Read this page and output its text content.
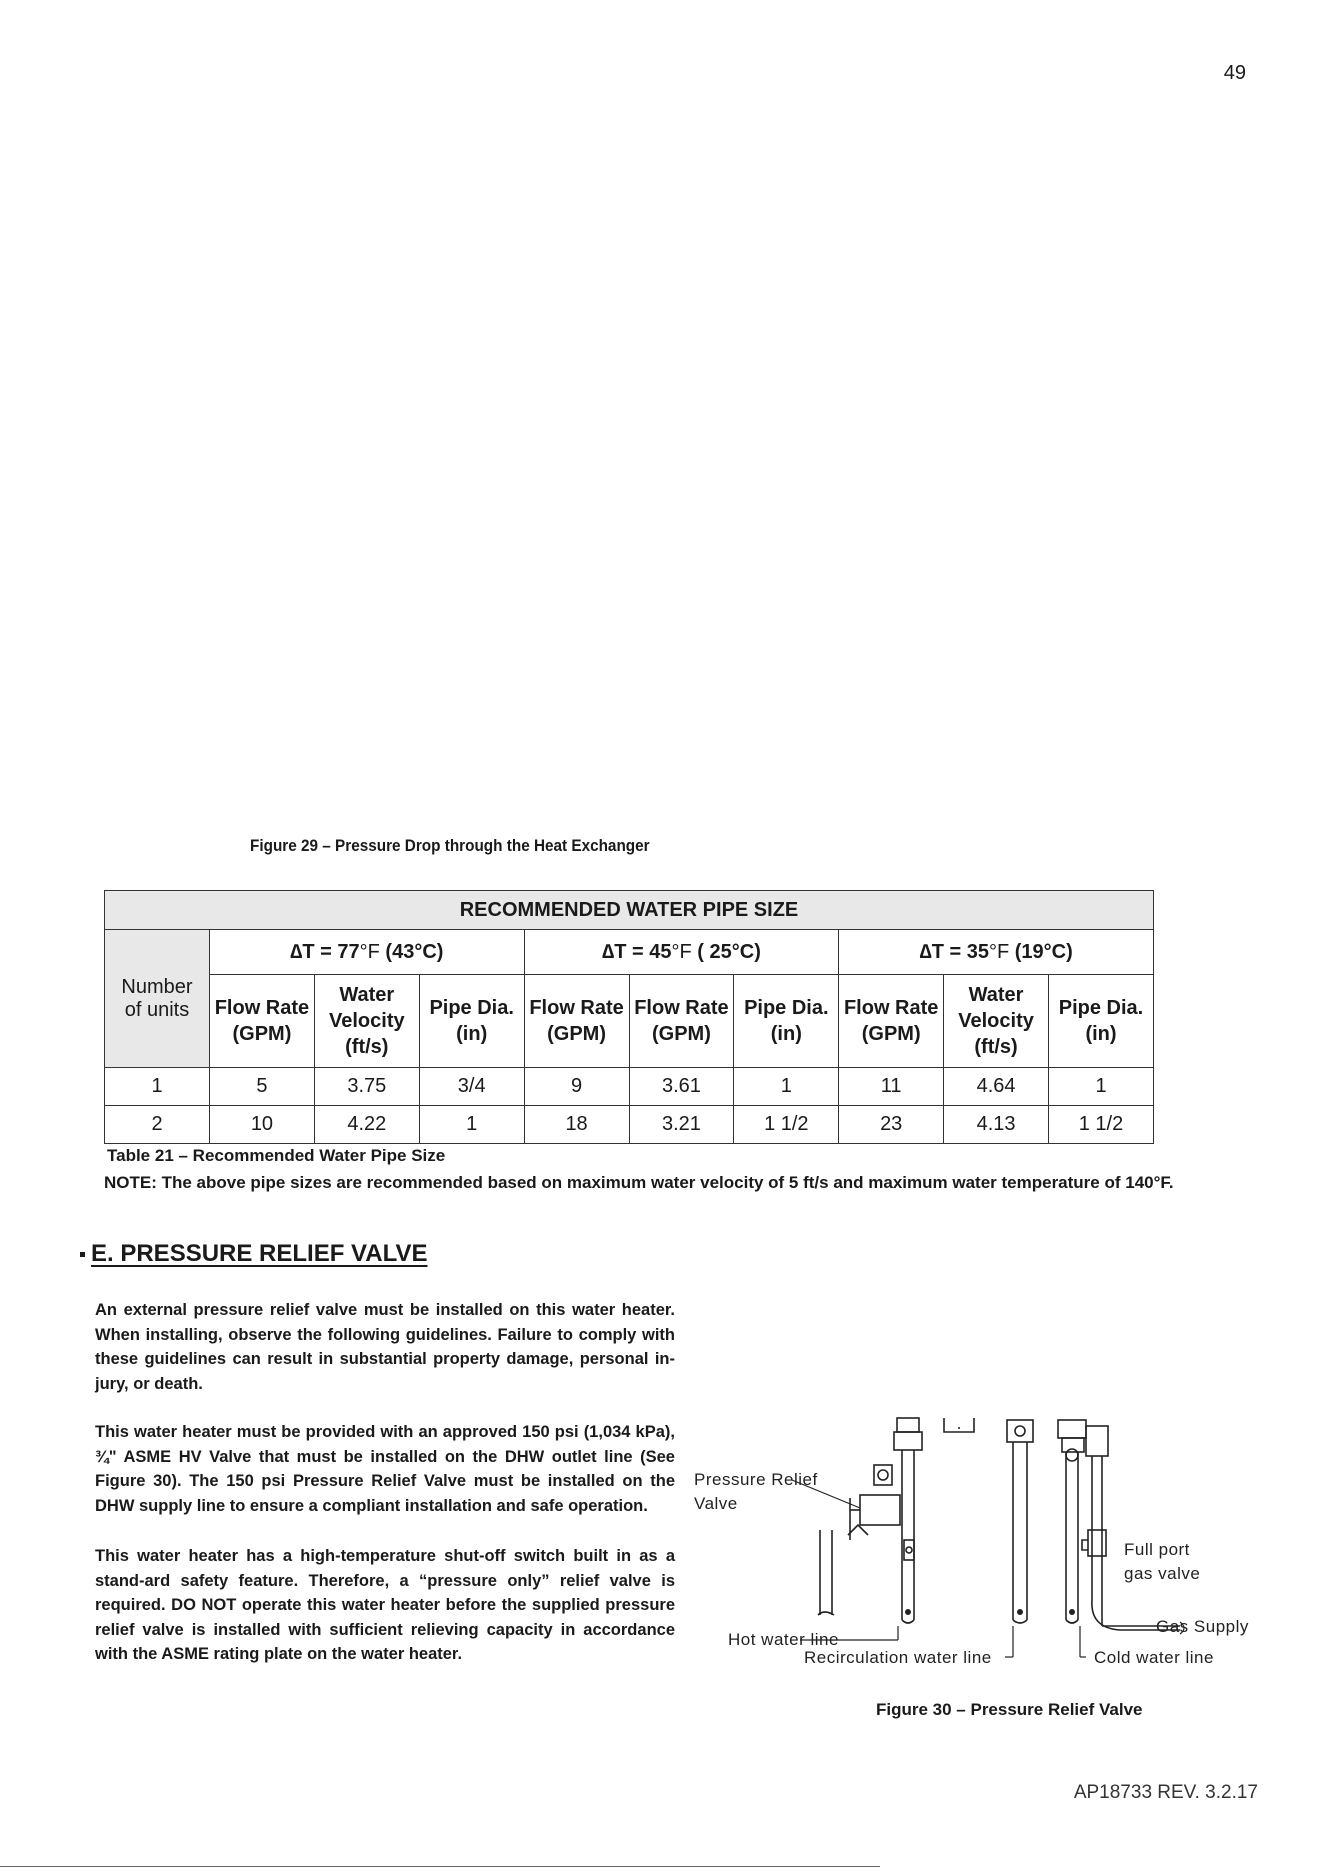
49
Figure 29 – Pressure Drop through the Heat Exchanger
RECOMMENDED WATER PIPE SIZE									
Number of units	∆T = 77°F (43°C)			∆T = 45°F ( 25°C)			∆T = 35°F (19°C)		
	Flow Rate (GPM)	Water Velocity (ft/s)	Pipe Dia. (in)	Flow Rate (GPM)	Flow Rate (GPM)	Pipe Dia. (in)	Flow Rate (GPM)	Water Velocity (ft/s)	Pipe Dia. (in)
1	5	3.75	3/4	9	3.61	1	11	4.64	1
2	10	4.22	1	18	3.21	1 1/2	23	4.13	1 1/2
Table 21 – Recommended Water Pipe Size
NOTE: The above pipe sizes are recommended based on maximum water velocity of 5 ft/s and maximum water temperature of 140°F.
E. PRESSURE RELIEF VALVE
An external pressure relief valve must be installed on this water heater. When installing, observe the following guidelines. Failure to comply with these guidelines can result in substantial property damage, personal in-jury, or death.
This water heater must be provided with an approved 150 psi (1,034 kPa), ¾" ASME HV Valve that must be installed on the DHW outlet line (See Figure 30). The 150 psi Pressure Relief Valve must be installed on the DHW supply line to ensure a compliant installation and safe operation.
This water heater has a high-temperature shut-off switch built in as a stand-ard safety feature. Therefore, a “pressure only” relief valve is required. DO NOT operate this water heater before the supplied pressure relief valve is installed with sufficient relieving capacity in accordance with the ASME rating plate on the water heater.
Pressure Relief
Valve
Full port
gas valve
Gas Supply
Hot water line
Recirculation water line	Cold water line
Figure 30 – Pressure Relief Valve
AP18733 REV. 3.2.17
